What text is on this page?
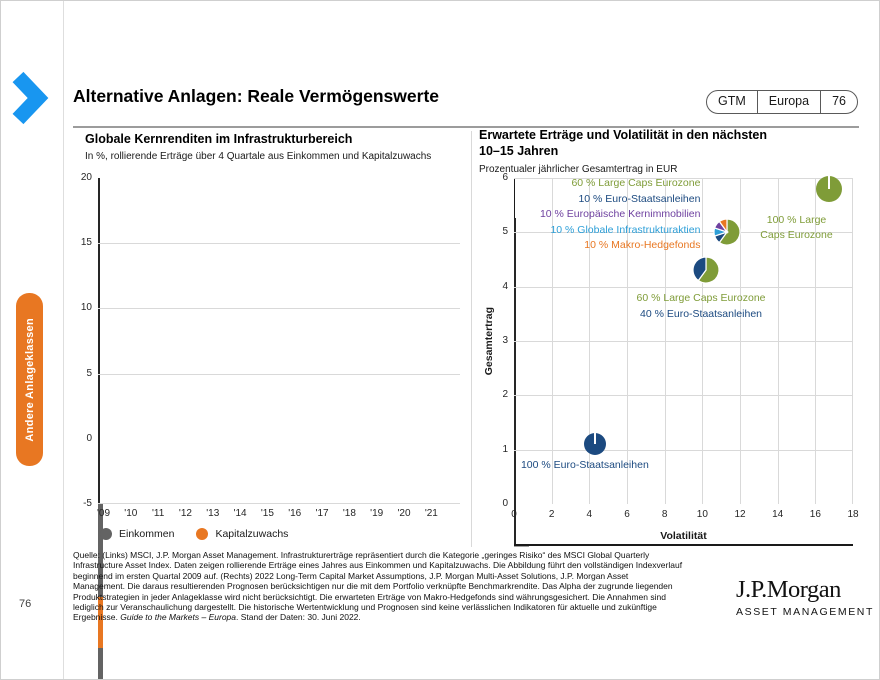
Andere Anlageklassen
76
Alternative Anlagen: Reale Vermögenswerte	GTM	Europa	76
Globale Kernrenditen im Infrastrukturbereich
In %, rollierende Erträge über 4 Quartale aus Einkommen und Kapitalzuwachs
20
15
10
5
0
-5
'09	'10	'11	'12	'13	'14	'15	'16	'17	'18	'19	'20	'21
Einkommen	Kapitalzuwachs
Erwartete Erträge und Volatilität in den nächsten
10–15 Jahren
Prozentualer jährlicher Gesamtertrag in EUR
Gesamtertrag
0
1
2
3
4
5
6
0	2	4	6	8	10	12	14	16	18
60 % Large Caps Eurozone
10 % Euro-Staatsanleihen
10 % Europäische Kernimmobilien
10 % Globale Infrastrukturaktien
10 % Makro-Hedgefonds
100 % Large
Caps Eurozone
60 % Large Caps Eurozone
40 % Euro-Staatsanleihen
100 % Euro-Staatsanleihen
Volatilität
Quelle: (Links) MSCI, J.P. Morgan Asset Management. Infrastrukturerträge repräsentiert durch die Kategorie „geringes Risiko“ des MSCI Global Quarterly
Infrastructure Asset Index. Daten zeigen rollierende Erträge eines Jahres aus Einkommen und Kapitalzuwachs. Die Abbildung führt den vollständigen Indexverlauf
beginnend im ersten Quartal 2009 auf. (Rechts) 2022 Long-Term Capital Market Assumptions, J.P. Morgan Multi-Asset Solutions, J.P. Morgan Asset
Management. Die daraus resultierenden Prognosen berücksichtigen nur die mit dem Portfolio verknüpfte Benchmarkrendite. Das Alpha der zugrunde liegenden
Produktstrategien in jeder Anlageklasse wird nicht berücksichtigt. Die erwarteten Erträge von Makro-Hedgefonds sind währungsgesichert. Die Annahmen sind
lediglich zur Veranschaulichung dargestellt. Die historische Wertentwicklung und Prognosen sind keine verlässlichen Indikatoren für aktuelle und zukünftige
Ergebnisse. Guide to the Markets – Europa. Stand der Daten: 30. Juni 2022.
J.P.Morgan
ASSET MANAGEMENT
